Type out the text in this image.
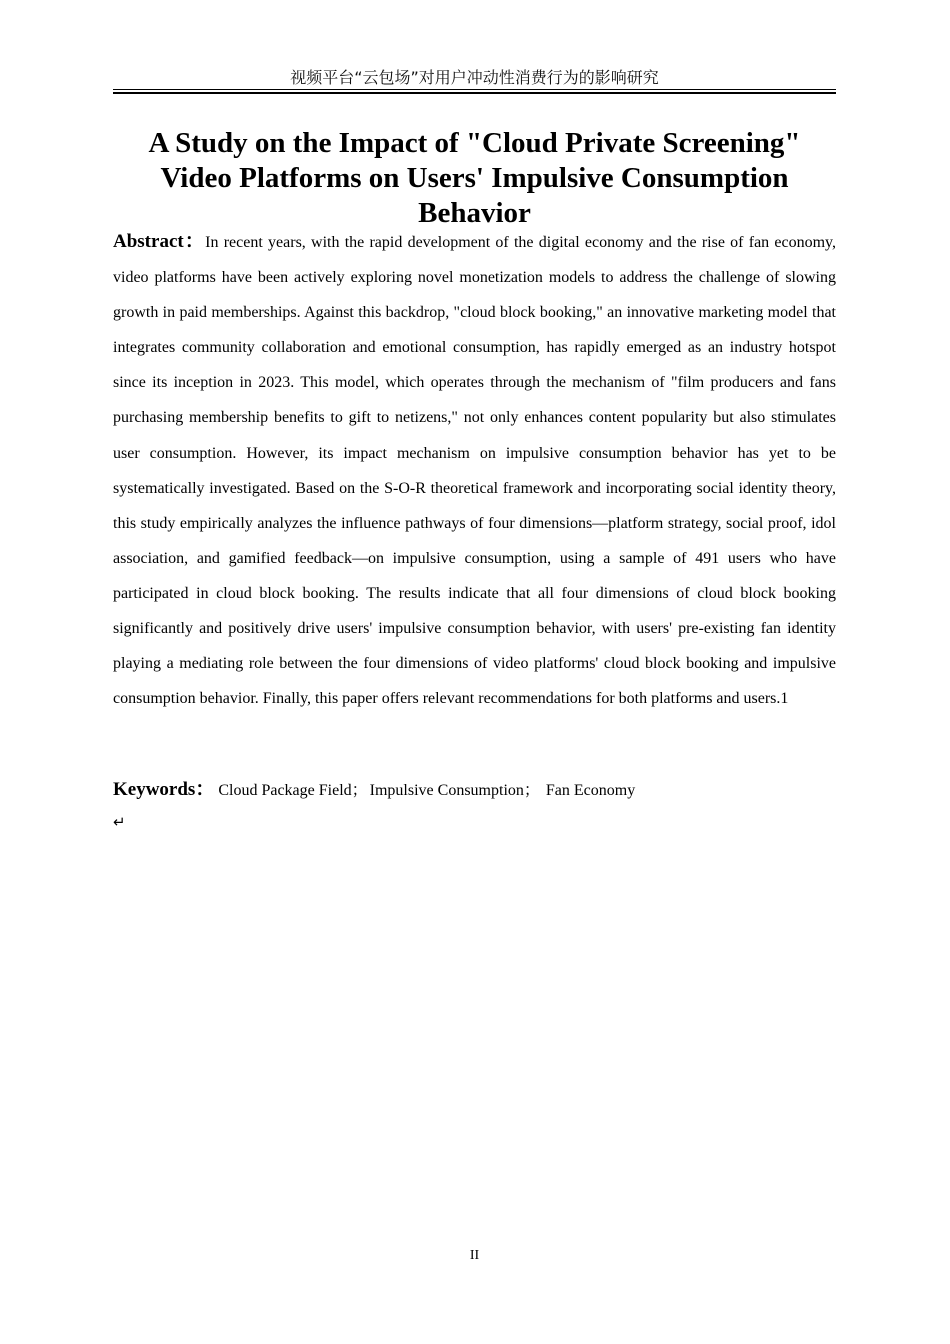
视频平台“云包场”对用户冲动性消费行为的影响研究
A Study on the Impact of "Cloud Private Screening" Video Platforms on Users' Impulsive Consumption Behavior

Abstract：In recent years, with the rapid development of the digital economy and the rise of fan economy, video platforms have been actively exploring novel monetization models to address the challenge of slowing growth in paid memberships. Against this backdrop, "cloud block booking," an innovative marketing model that integrates community collaboration and emotional consumption, has rapidly emerged as an industry hotspot since its inception in 2023. This model, which operates through the mechanism of "film producers and fans purchasing membership benefits to gift to netizens," not only enhances content popularity but also stimulates user consumption. However, its impact mechanism on impulsive consumption behavior has yet to be systematically investigated. Based on the S-O-R theoretical framework and incorporating social identity theory, this study empirically analyzes the influence pathways of four dimensions—platform strategy, social proof, idol association, and gamified feedback—on impulsive consumption, using a sample of 491 users who have participated in cloud block booking. The results indicate that all four dimensions of cloud block booking significantly and positively drive users' impulsive consumption behavior, with users' pre-existing fan identity playing a mediating role between the four dimensions of video platforms' cloud block booking and impulsive consumption behavior. Finally, this paper offers relevant recommendations for both platforms and users.1

Keywords： Cloud Package Field； Impulsive Consumption； Fan Economy

↵
II
